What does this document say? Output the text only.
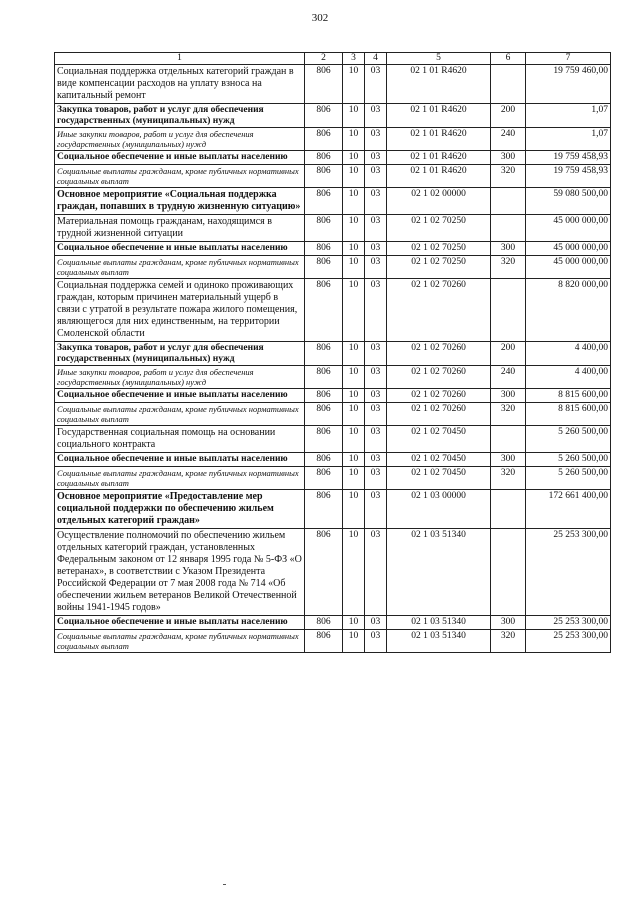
302
1	2	3	4	5	6	7
Социальная поддержка отдельных категорий граждан в виде компенсации расходов на уплату взноса на капитальный ремонт	806	10	03	02 1 01 R4620		19 759 460,00
Закупка товаров, работ и услуг для обеспечения государственных (муниципальных) нужд	806	10	03	02 1 01 R4620	200	1,07
Иные закупки товаров, работ и услуг для обеспечения государственных (муниципальных) нужд	806	10	03	02 1 01 R4620	240	1,07
Социальное обеспечение и иные выплаты населению	806	10	03	02 1 01 R4620	300	19 759 458,93
Социальные выплаты гражданам, кроме публичных нормативных социальных выплат	806	10	03	02 1 01 R4620	320	19 759 458,93
Основное мероприятие «Социальная поддержка граждан, попавших в трудную жизненную ситуацию»	806	10	03	02 1 02 00000		59 080 500,00
Материальная помощь гражданам, находящимся в трудной жизненной ситуации	806	10	03	02 1 02 70250		45 000 000,00
Социальное обеспечение и иные выплаты населению	806	10	03	02 1 02 70250	300	45 000 000,00
Социальные выплаты гражданам, кроме публичных нормативных социальных выплат	806	10	03	02 1 02 70250	320	45 000 000,00
Социальная поддержка семей и одиноко проживающих граждан, которым причинен материальный ущерб в связи с утратой в результате пожара жилого помещения, являющегося для них единственным, на территории Смоленской области	806	10	03	02 1 02 70260		8 820 000,00
Закупка товаров, работ и услуг для обеспечения государственных (муниципальных) нужд	806	10	03	02 1 02 70260	200	4 400,00
Иные закупки товаров, работ и услуг для обеспечения государственных (муниципальных) нужд	806	10	03	02 1 02 70260	240	4 400,00
Социальное обеспечение и иные выплаты населению	806	10	03	02 1 02 70260	300	8 815 600,00
Социальные выплаты гражданам, кроме публичных нормативных социальных выплат	806	10	03	02 1 02 70260	320	8 815 600,00
Государственная социальная помощь на основании социального контракта	806	10	03	02 1 02 70450		5 260 500,00
Социальное обеспечение и иные выплаты населению	806	10	03	02 1 02 70450	300	5 260 500,00
Социальные выплаты гражданам, кроме публичных нормативных социальных выплат	806	10	03	02 1 02 70450	320	5 260 500,00
Основное мероприятие «Предоставление мер социальной поддержки по обеспечению жильем отдельных категорий граждан»	806	10	03	02 1 03 00000		172 661 400,00
Осуществление полномочий по обеспечению жильем отдельных категорий граждан, установленных Федеральным законом от 12 января 1995 года № 5-ФЗ «О ветеранах», в соответствии с Указом Президента Российской Федерации от 7 мая 2008 года № 714 «Об обеспечении жильем ветеранов Великой Отечественной войны 1941-1945 годов»	806	10	03	02 1 03 51340		25 253 300,00
Социальное обеспечение и иные выплаты населению	806	10	03	02 1 03 51340	300	25 253 300,00
Социальные выплаты гражданам, кроме публичных нормативных социальных выплат	806	10	03	02 1 03 51340	320	25 253 300,00
